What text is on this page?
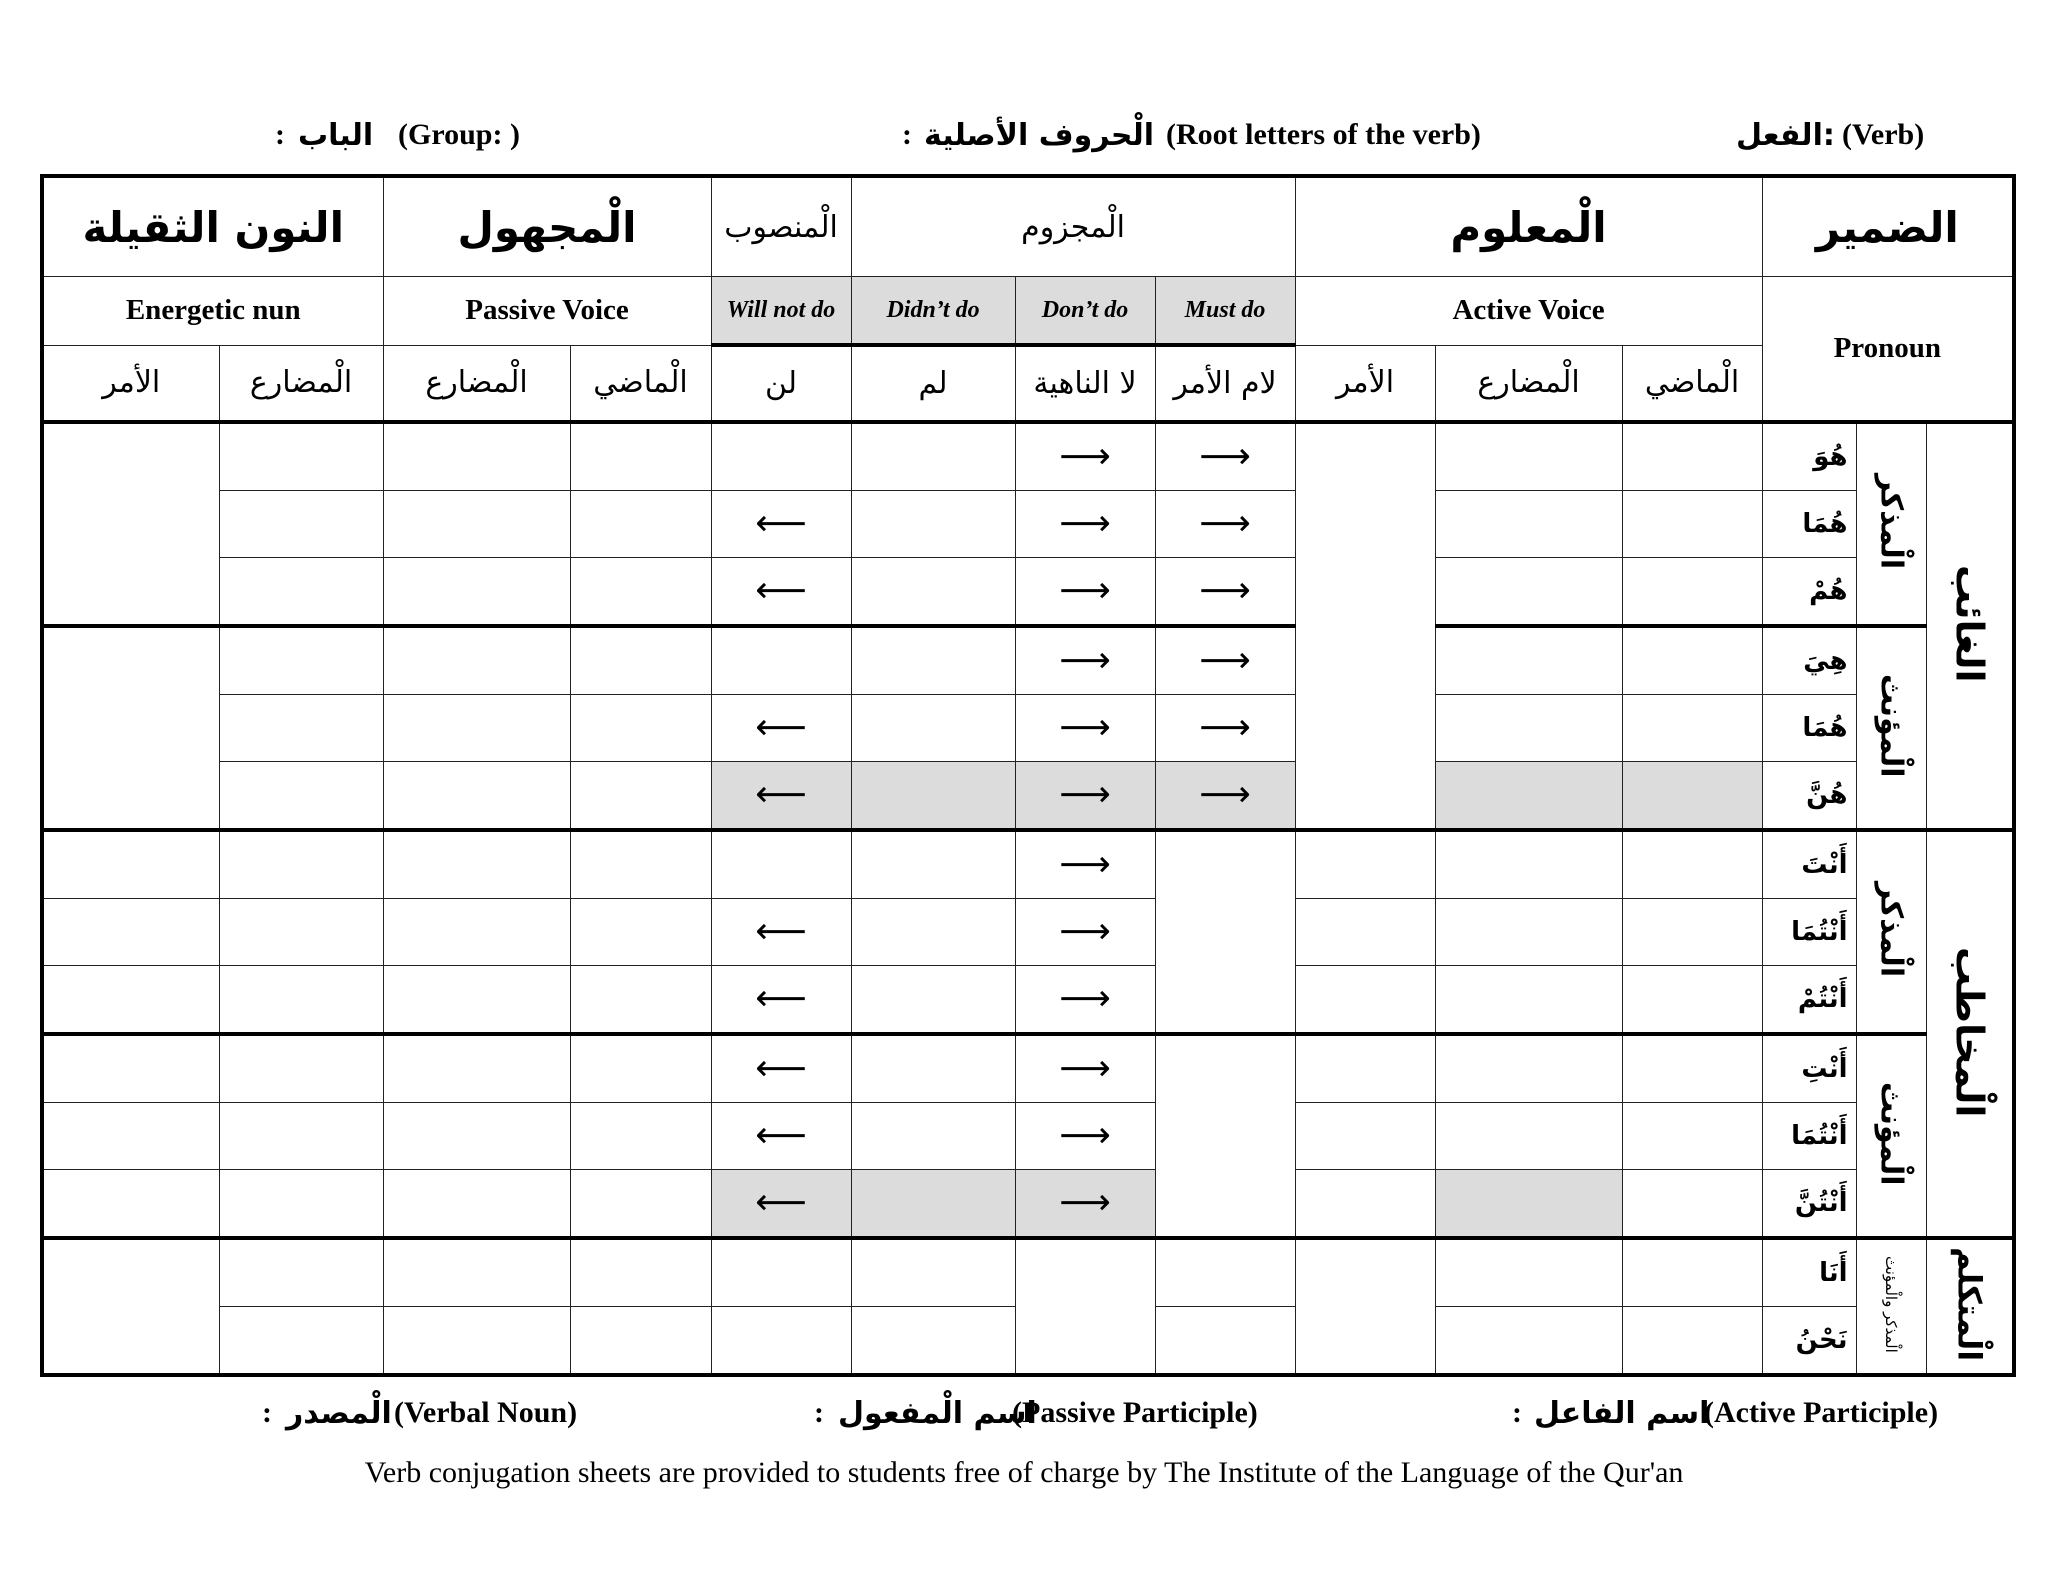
: الباب (Group: )	: الْحروف الأصلية (Root letters of the verb)	الفعل: (Verb)
النون الثقيلة		الْمجهول		الْمنصوب	الْمجزوم			الْمعلوم			الضمير		
Energetic nun		Passive Voice		Will not do	Didn’t do	Don’t do	Must do	Active Voice			Pronoun		
الأمر	الْمضارع	الْمضارع	الْماضي	لن	لم	لا الناهية	لام الأمر	الأمر	الْمضارع	الْماضي			
						⟶	⟶				هُوَ	الْمذكر	الغائب
				⟵		⟶	⟶				هُمَا		
				⟵		⟶	⟶				هُمْ		
						⟶	⟶				هِيَ	الْمؤنث	
				⟵		⟶	⟶				هُمَا		
				⟵		⟶	⟶				هُنَّ		
						⟶					أَنْتَ	الْمذكر	الْمخاطب
				⟵		⟶					أَنْتُمَا		
				⟵		⟶					أَنْتُمْ		
				⟵		⟶					أَنْتِ	الْمؤنث	
				⟵		⟶					أَنْتُمَا		
				⟵		⟶					أَنْتُنَّ		
											أَنَا	الْمذكر والْمؤنث	الْمتكلم
											نَحْنُ		
: الْمصدر (Verbal Noun)	: اسم الْمفعول
(Passive Participle)	: اسم الفاعل
(Active Participle)
Verb conjugation sheets are provided to students free of charge by The Institute of the Language of the Qur'an
